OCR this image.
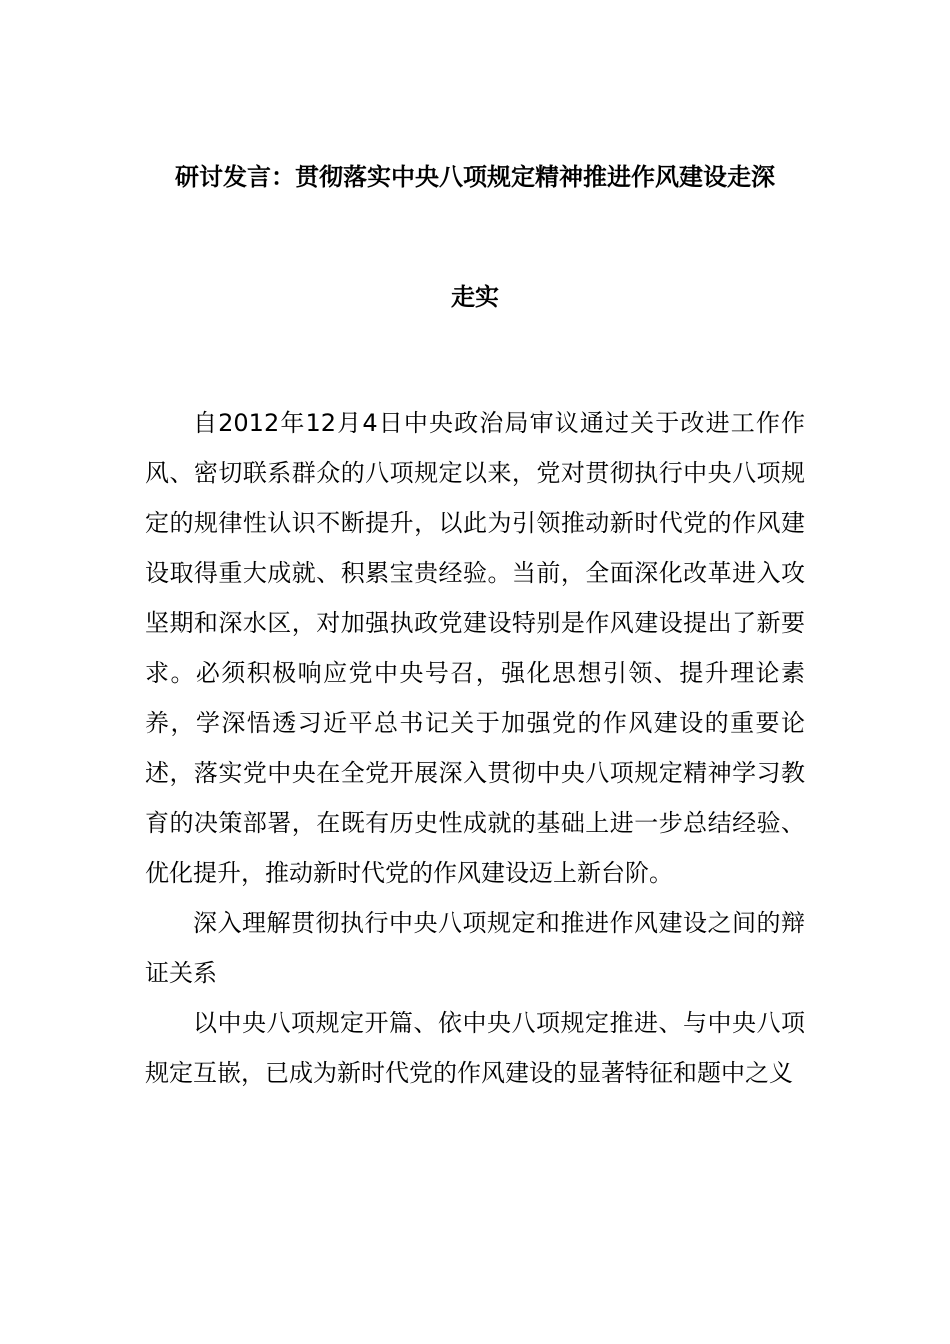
研讨发言：贯彻落实中央八项规定精神推进作风建设走深
走实

自2012年12月4日中央政治局审议通过关于改进工作作风、密切联系群众的八项规定以来，党对贯彻执行中央八项规定的规律性认识不断提升，以此为引领推动新时代党的作风建设取得重大成就、积累宝贵经验。当前，全面深化改革进入攻坚期和深水区，对加强执政党建设特别是作风建设提出了新要求。必须积极响应党中央号召，强化思想引领、提升理论素养，学深悟透习近平总书记关于加强党的作风建设的重要论述，落实党中央在全党开展深入贯彻中央八项规定精神学习教育的决策部署，在既有历史性成就的基础上进一步总结经验、优化提升，推动新时代党的作风建设迈上新台阶。

深入理解贯彻执行中央八项规定和推进作风建设之间的辩证关系

以中央八项规定开篇、依中央八项规定推进、与中央八项规定互嵌，已成为新时代党的作风建设的显著特征和题中之义
